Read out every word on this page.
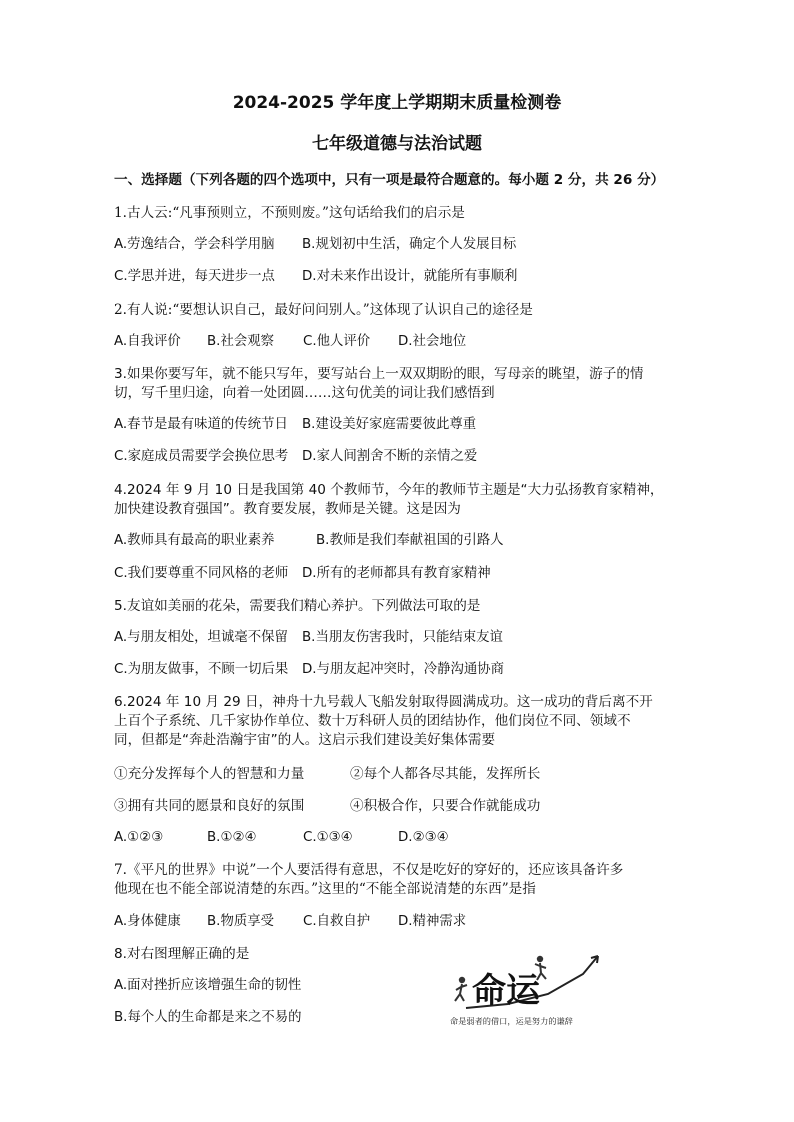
2024-2025 学年度上学期期末质量检测卷
七年级道德与法治试题
一、选择题（下列各题的四个选项中，只有一项是最符合题意的。每小题 2 分，共 26 分）
1.古人云:“凡事预则立，不预则废。”这句话给我们的启示是
A.劳逸结合，学会科学用脑 B.规划初中生活，确定个人发展目标
C.学思并进，每天进步一点 D.对未来作出设计，就能所有事顺利
2.有人说:“要想认识自己，最好问问别人。”这体现了认识自己的途径是
A.自我评价 B.社会观察 C.他人评价 D.社会地位
3.如果你要写年，就不能只写年，要写站台上一双双期盼的眼，写母亲的眺望，游子的情
切，写千里归途，向着一处团圆……这句优美的词让我们感悟到
A.春节是最有味道的传统节日 B.建设美好家庭需要彼此尊重
C.家庭成员需要学会换位思考 D.家人间割舍不断的亲情之爱
4.2024 年 9 月 10 日是我国第 40 个教师节，今年的教师节主题是“大力弘扬教育家精神，
加快建设教育强国”。教育要发展，教师是关键。这是因为
A.教师具有最高的职业素养	B.教师是我们奉献祖国的引路人
C.我们要尊重不同风格的老师 D.所有的老师都具有教育家精神
5.友谊如美丽的花朵，需要我们精心养护。下列做法可取的是
A.与朋友相处，坦诚毫不保留 B.当朋友伤害我时，只能结束友谊
C.为朋友做事，不顾一切后果 D.与朋友起冲突时，冷静沟通协商
6.2024 年 10 月 29 日，神舟十九号载人飞船发射取得圆满成功。这一成功的背后离不开
上百个子系统、几千家协作单位、数十万科研人员的团结协作，他们岗位不同、领域不
同，但都是“奔赴浩瀚宇宙”的人。这启示我们建设美好集体需要
①充分发挥每个人的智慧和力量	②每个人都各尽其能，发挥所长
③拥有共同的愿景和良好的氛围	④积极合作，只要合作就能成功
A.①②③	B.①②④	C.①③④	D.②③④
7.《平凡的世界》中说”一个人要活得有意思，不仅是吃好的穿好的，还应该具备许多
他现在也不能全部说清楚的东西。”这里的“不能全部说清楚的东西”是指
A.身体健康 B.物质享受 C.自救自护 D.精神需求
8.对右图理解正确的是
A.面对挫折应该增强生命的韧性
B.每个人的生命都是来之不易的
命运
命是弱者的借口，运是努力的谦辞
